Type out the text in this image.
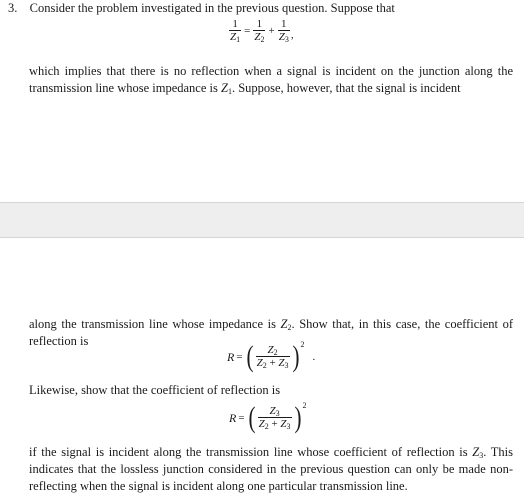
3. Consider the problem investigated in the previous question. Suppose that
$\frac{1}{Z_1} = \frac{1}{Z_2} + \frac{1}{Z_3}$ ,
which implies that there is no reflection when a signal is incident on the junction along the transmission line whose impedance is $Z_1$. Suppose, however, that the signal is incident
along the transmission line whose impedance is $Z_2$. Show that, in this case, the coefficient of reflection is
R = ( $\frac{Z_2}{Z_2 + Z_3}$ ) 2
.
Likewise, show that the coefficient of reflection is
R = ( $\frac{Z_3}{Z_2 + Z_3}$ ) 2
if the signal is incident along the transmission line whose coefficient of reflection is $Z_3$. This indicates that the lossless junction considered in the previous question can only be made non-reflecting when the signal is incident along one particular transmission line.
